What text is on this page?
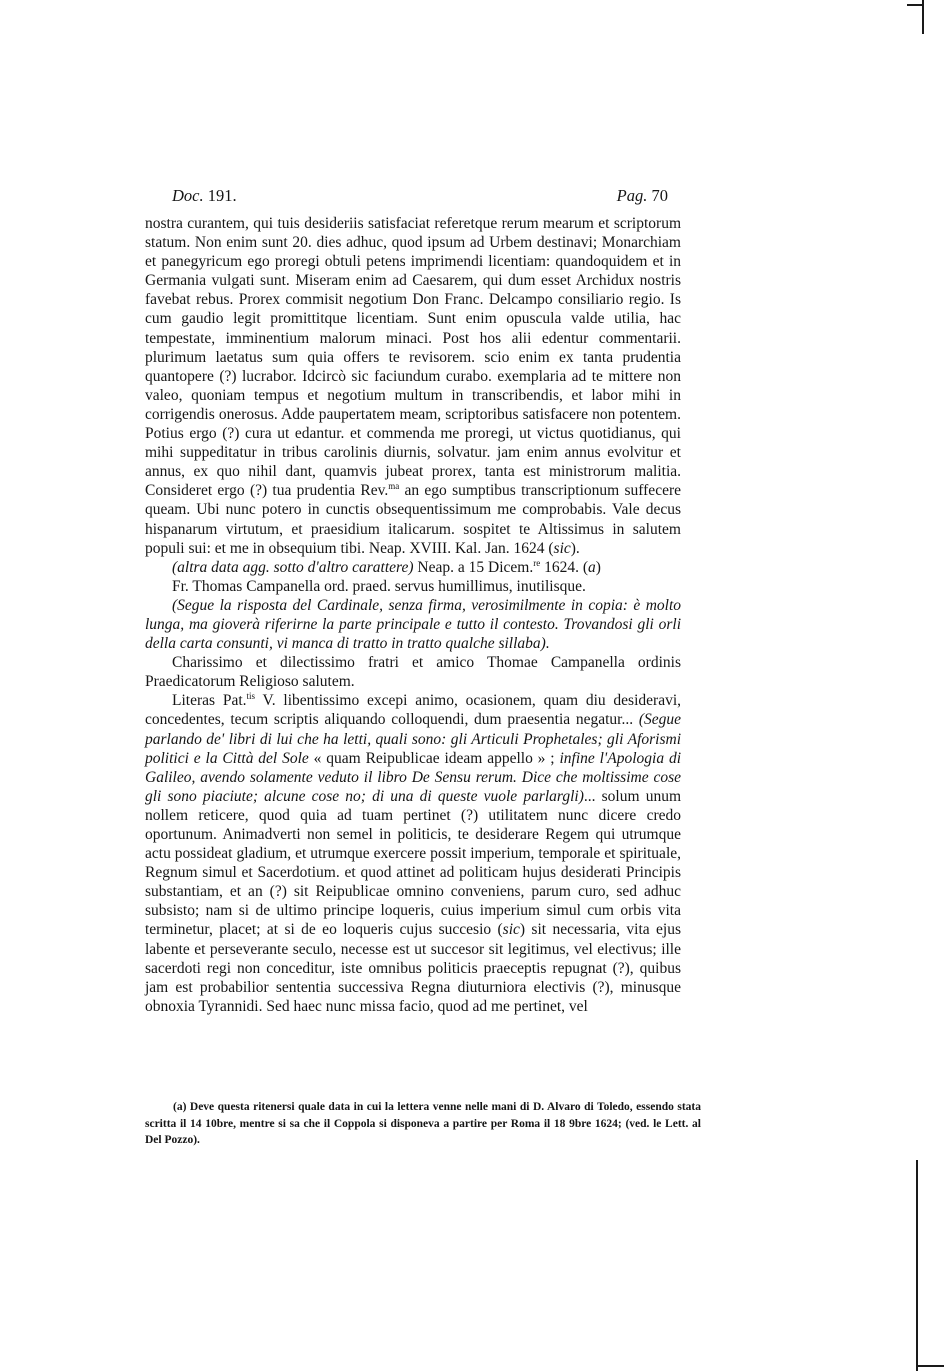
Doc. 191.	Pag. 70

nostra curantem, qui tuis desideriis satisfaciat referetque rerum mearum et scriptorum statum. Non enim sunt 20. dies adhuc, quod ipsum ad Urbem destinavi; Monarchiam et panegyricum ego proregi obtuli petens imprimendi licentiam: quandoquidem et in Germania vulgati sunt. Miseram enim ad Caesarem, qui dum esset Archidux nostris favebat rebus. Prorex commisit negotium Don Franc. Delcampo consiliario regio. Is cum gaudio legit promittitque licentiam. Sunt enim opuscula valde utilia, hac tempestate, imminentium malorum minaci. Post hos alii edentur commentarii. plurimum laetatus sum quia offers te revisorem. scio enim ex tanta prudentia quantopere (?) lucrabor. Idcircò sic faciundum curabo. exemplaria ad te mittere non valeo, quoniam tempus et negotium multum in transcribendis, et labor mihi in corrigendis onerosus. Adde paupertatem meam, scriptoribus satisfacere non potentem. Potius ergo (?) cura ut edantur. et commenda me proregi, ut victus quotidianus, qui mihi suppeditatur in tribus carolinis diurnis, solvatur. jam enim annus evolvitur et annus, ex quo nihil dant, quamvis jubeat prorex, tanta est ministrorum malitia. Consideret ergo (?) tua prudentia Rev.$^{ma}$ an ego sumptibus transcriptionum suffecere queam. Ubi nunc potero in cunctis obsequentissimum me comprobabis. Vale decus hispanarum virtutum, et praesidium italicarum. sospitet te Altissimus in salutem populi sui: et me in obsequium tibi. Neap. XVIII. Kal. Jan. 1624 (sic).

(altra data agg. sotto d'altro carattere) Neap. a 15 Dicem.$^{re}$ 1624. (a)

Fr. Thomas Campanella ord. praed. servus humillimus, inutilisque.

(Segue la risposta del Cardinale, senza firma, verosimilmente in copia: è molto lunga, ma gioverà riferirne la parte principale e tutto il contesto. Trovandosi gli orli della carta consunti, vi manca di tratto in tratto qualche sillaba).

Charissimo et dilectissimo fratri et amico Thomae Campanella ordinis Praedicatorum Religioso salutem.

Literas Pat.$^{tis}$ V. libentissimo excepi animo, ocasionem, quam diu desideravi, concedentes, tecum scriptis aliquando colloquendi, dum praesentia negatur... (Segue parlando de' libri di lui che ha letti, quali sono: gli Articuli Prophetales; gli Aforismi politici e la Città del Sole « quam Reipublicae ideam appello » ; infine l'Apologia di Galileo, avendo solamente veduto il libro De Sensu rerum. Dice che moltissime cose gli sono piaciute; alcune cose no; di una di queste vuole parlargli)... solum unum nollem reticere, quod quia ad tuam pertinet (?) utilitatem nunc dicere credo oportunum. Animadverti non semel in politicis, te desiderare Regem qui utrumque actu possideat gladium, et utrumque exercere possit imperium, temporale et spirituale, Regnum simul et Sacerdotium. et quod attinet ad politicam hujus desiderati Principis substantiam, et an (?) sit Reipublicae omnino conveniens, parum curo, sed adhuc subsisto; nam si de ultimo principe loqueris, cuius imperium simul cum orbis vita terminetur, placet; at si de eo loqueris cujus succesio (sic) sit necessaria, vita ejus labente et perseverante seculo, necesse est ut succesor sit legitimus, vel electivus; ille sacerdoti regi non conceditur, iste omnibus politicis praeceptis repugnat (?), quibus jam est probabilior sententia successiva Regna diuturniora electivis (?), minusque obnoxia Tyrannidi. Sed haec nunc missa facio, quod ad me pertinet, vel

(a) Deve questa ritenersi quale data in cui la lettera venne nelle mani di D. Alvaro di Toledo, essendo stata scritta il 14 10bre, mentre si sa che il Coppola si disponeva a partire per Roma il 18 9bre 1624; (ved. le Lett. al Del Pozzo).
